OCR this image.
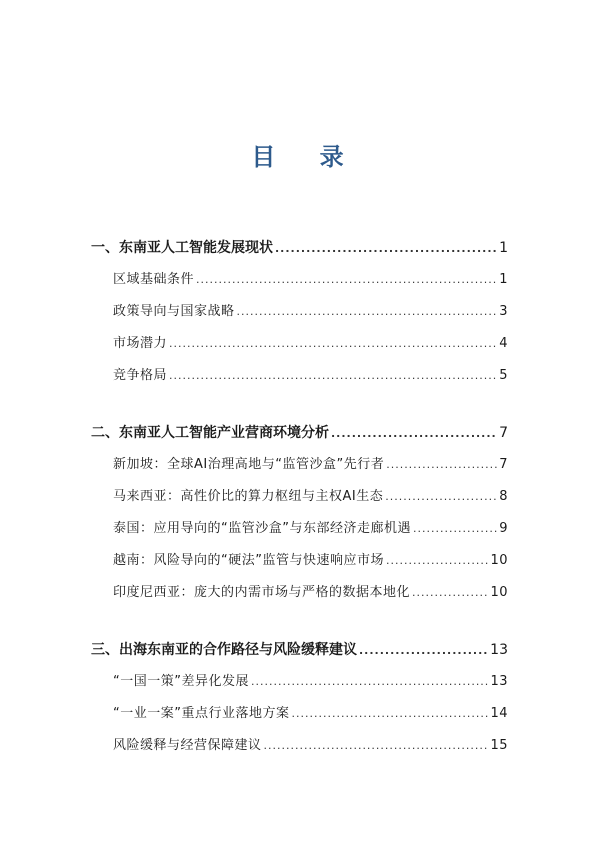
目 录
一、东南亚人工智能发展现状 .....	1
区域基础条件 .....	1
政策导向与国家战略 .....	3
市场潜力 .....	4
竞争格局 .....	5
二、东南亚人工智能产业营商环境分析 .....	7
新加坡：全球AI治理高地与“监管沙盒”先行者 .....	7
马来西亚：高性价比的算力枢纽与主权AI生态 .....	8
泰国：应用导向的“监管沙盒”与东部经济走廊机遇 .....	9
越南：风险导向的“硬法”监管与快速响应市场 .....	10
印度尼西亚：庞大的内需市场与严格的数据本地化 .....	10
三、出海东南亚的合作路径与风险缓释建议 .....	13
“一国一策”差异化发展 .....	13
“一业一案”重点行业落地方案 .....	14
风险缓释与经营保障建议 .....	15
